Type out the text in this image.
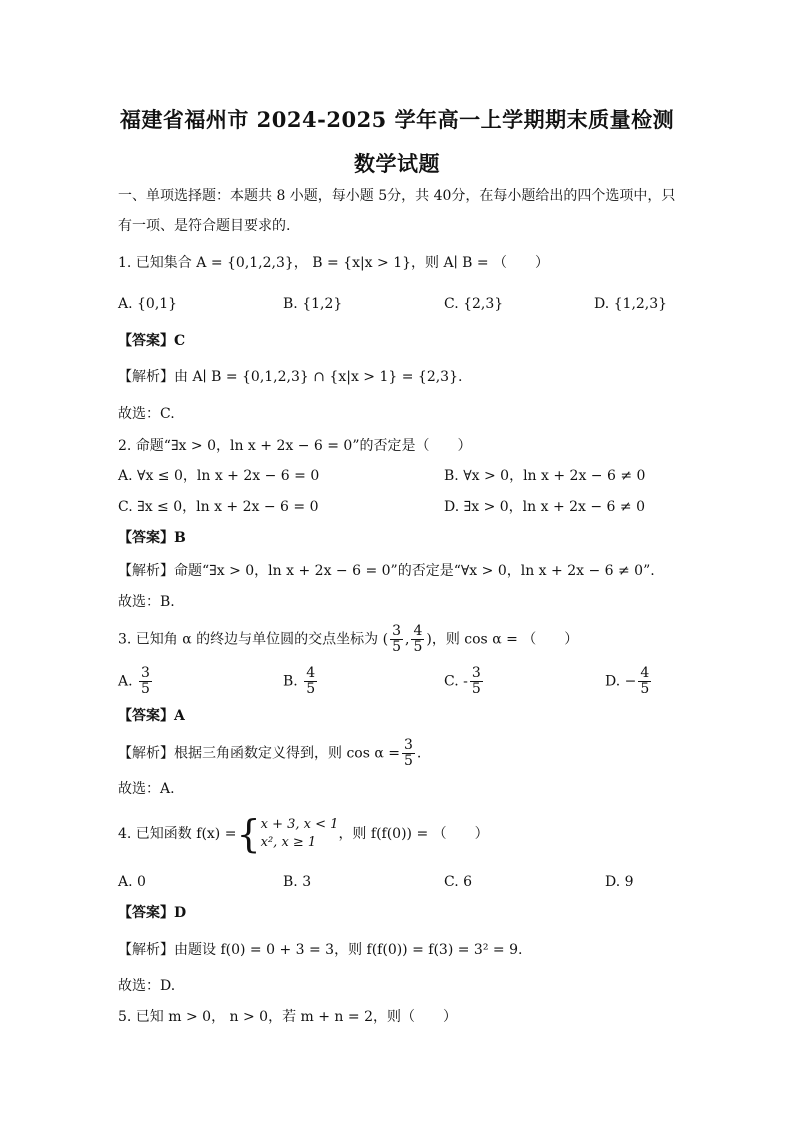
福建省福州市 2024-2025 学年高一上学期期末质量检测
数学试题
一、单项选择题：本题共 8 小题，每小题 5分，共 40分，在每小题给出的四个选项中，只
有一项、是符合题目要求的.
1. 已知集合 A = {0,1,2,3}， B = {x|x > 1}，则 A∣ B = （　　）
A. {0,1}	B. {1,2}	C. {2,3}	D. {1,2,3}
【答案】C
【解析】由 A∣ B = {0,1,2,3} ∩ {x|x > 1} = {2,3}.
故选：C.
2. 命题“∃x > 0，ln x + 2x − 6 = 0”的否定是（　　）
A. ∀x ≤ 0，ln x + 2x − 6 = 0	B. ∀x > 0，ln x + 2x − 6 ≠ 0
C. ∃x ≤ 0，ln x + 2x − 6 = 0	D. ∃x > 0，ln x + 2x − 6 ≠ 0
【答案】B
【解析】命题“∃x > 0，ln x + 2x − 6 = 0”的否定是“∀x > 0，ln x + 2x − 6 ≠ 0”.
故选：B.
3. 已知角 α 的终边与单位圆的交点坐标为 ( $\frac{3}{5}$ , $\frac{4}{5}$ )，则 cos α = （　　）
A. $\frac{3}{5}$	B. $\frac{4}{5}$	C. - $\frac{3}{5}$	D. − $\frac{4}{5}$
【答案】A
【解析】根据三角函数定义得到，则 $\cos \alpha = \frac{3}{5}$ .
故选：A.
4. 已知函数 f(x) ={ x + 3, x < 1
x², x ≥ 1
，则 f(f(0)) = （　　）
A. 0	B. 3	C. 6	D. 9
【答案】D
【解析】由题设 f(0) = 0 + 3 = 3，则 f(f(0)) = f(3) = 3² = 9.
故选：D.
5. 已知 m > 0， n > 0，若 m + n = 2，则（　　）
